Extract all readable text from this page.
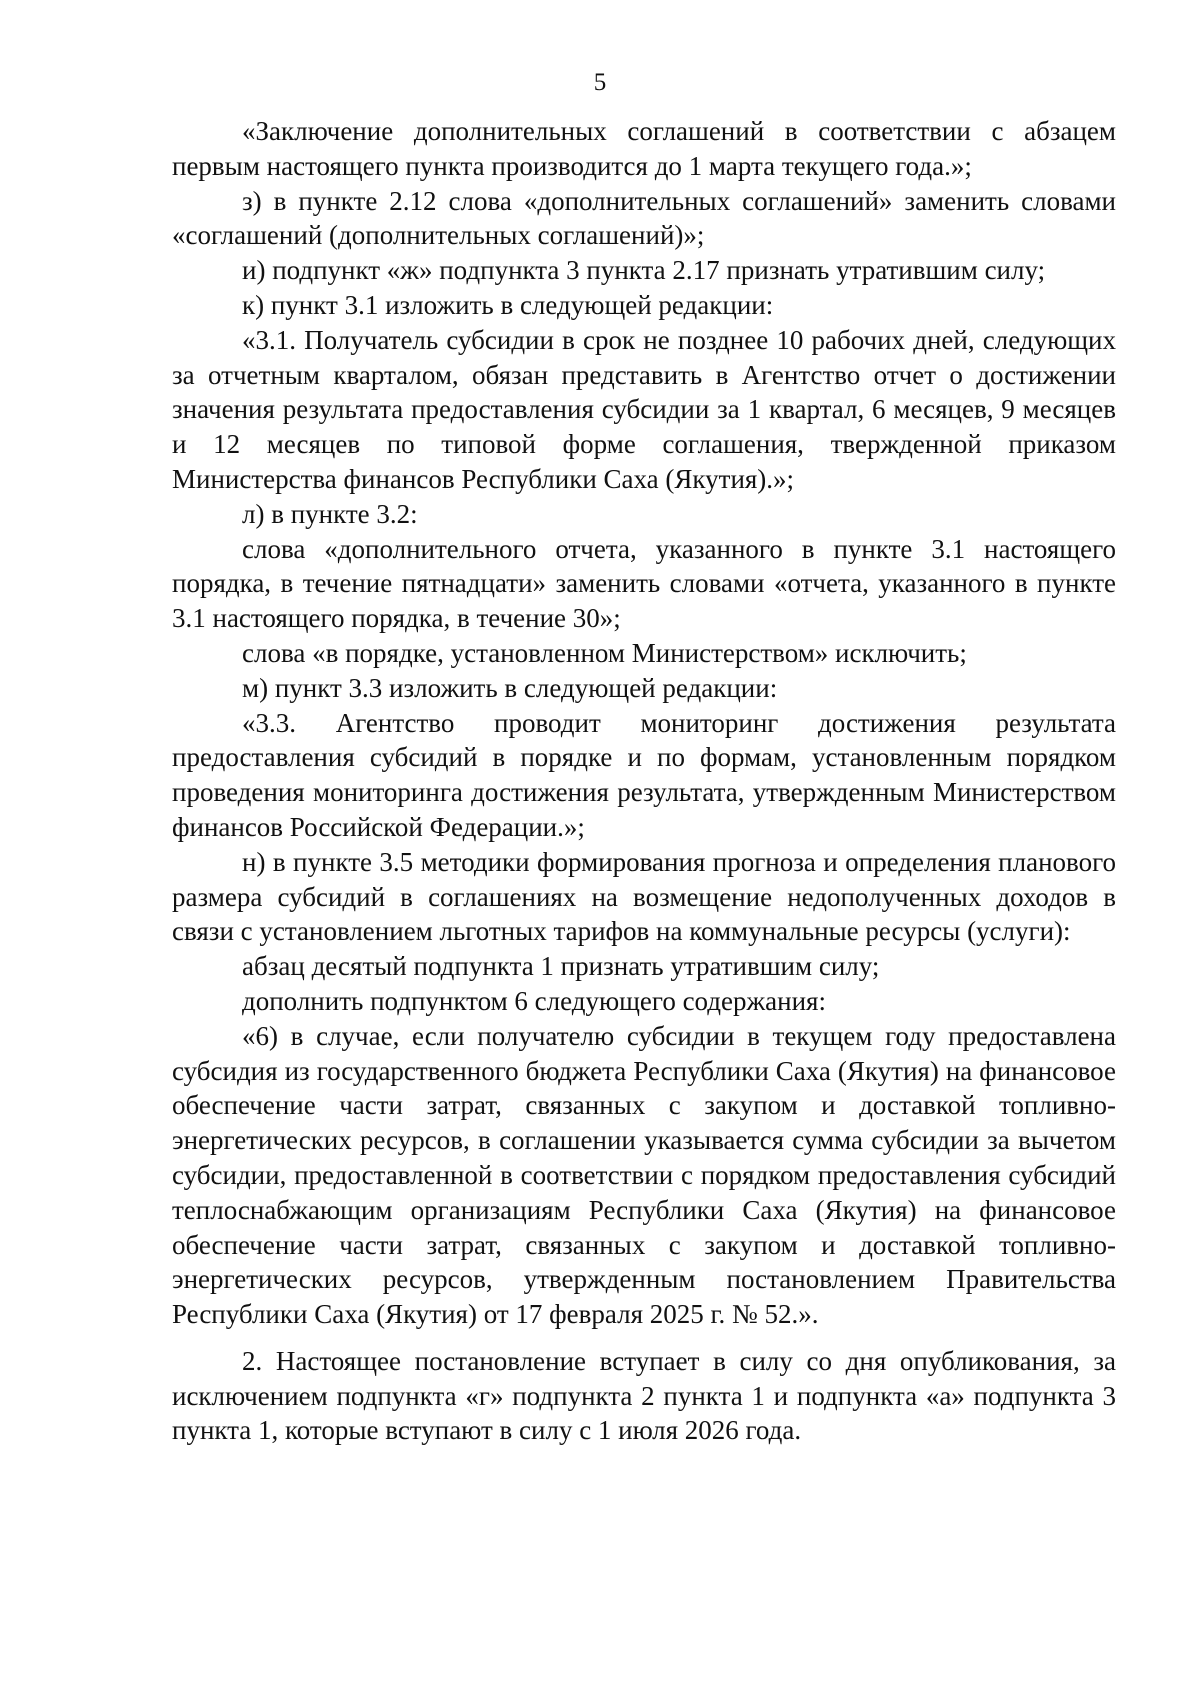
5

«Заключение дополнительных соглашений в соответствии с абзацем первым настоящего пункта производится до 1 марта текущего года.»;

з) в пункте 2.12 слова «дополнительных соглашений» заменить словами «соглашений (дополнительных соглашений)»;

и) подпункт «ж» подпункта 3 пункта 2.17 признать утратившим силу;

к) пункт 3.1 изложить в следующей редакции:

«3.1. Получатель субсидии в срок не позднее 10 рабочих дней, следующих за отчетным кварталом, обязан представить в Агентство отчет о достижении значения результата предоставления субсидии за 1 квартал, 6 месяцев, 9 месяцев и 12 месяцев по типовой форме соглашения, твержденной приказом Министерства финансов Республики Саха (Якутия).»;

л) в пункте 3.2:

слова «дополнительного отчета, указанного в пункте 3.1 настоящего порядка, в течение пятнадцати» заменить словами «отчета, указанного в пункте 3.1 настоящего порядка, в течение 30»;

слова «в порядке, установленном Министерством» исключить;

м) пункт 3.3 изложить в следующей редакции:

«3.3. Агентство проводит мониторинг достижения результата предоставления субсидий в порядке и по формам, установленным порядком проведения мониторинга достижения результата, утвержденным Министерством финансов Российской Федерации.»;

н) в пункте 3.5 методики формирования прогноза и определения планового размера субсидий в соглашениях на возмещение недополученных доходов в связи с установлением льготных тарифов на коммунальные ресурсы (услуги):

абзац десятый подпункта 1 признать утратившим силу;

дополнить подпунктом 6 следующего содержания:

«6) в случае, если получателю субсидии в текущем году предоставлена субсидия из государственного бюджета Республики Саха (Якутия) на финансовое обеспечение части затрат, связанных с закупом и доставкой топливно-энергетических ресурсов, в соглашении указывается сумма субсидии за вычетом субсидии, предоставленной в соответствии с порядком предоставления субсидий теплоснабжающим организациям Республики Саха (Якутия) на финансовое обеспечение части затрат, связанных с закупом и доставкой топливно-энергетических ресурсов, утвержденным постановлением Правительства Республики Саха (Якутия) от 17 февраля 2025 г. № 52.».

2. Настоящее постановление вступает в силу со дня опубликования, за исключением подпункта «г» подпункта 2 пункта 1 и подпункта «а» подпункта 3 пункта 1, которые вступают в силу с 1 июля 2026 года.
